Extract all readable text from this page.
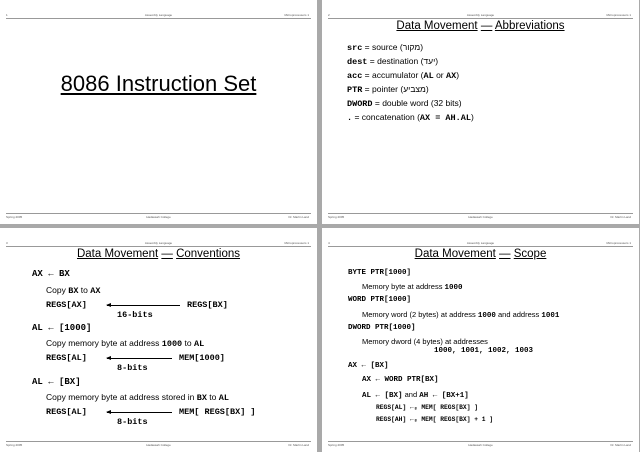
1	Assembly Language	Microprocessors 1
8086 Instruction Set
Spring 2005	Hadassah College	Dr. Martin Land
2	Assembly Language	Microprocessors 1
Data Movement — Abbreviations
src = source (מקור)
dest = destination (יעד)
acc = accumulator (AL or AX)
PTR = pointer (מצביע)
DWORD = double word (32 bits)
. = concatenation (AX = AH.AL)
Spring 2005	Hadassah College	Dr. Martin Land
3	Assembly Language	Microprocessors 1
Data Movement — Conventions
AX ← BX
Copy BX to AX
REGS[AX]	REGS[BX]
16-bits
AL ← [1000]
Copy memory byte at address 1000 to AL
REGS[AL]	MEM[1000]
8-bits
AL ← [BX]
Copy memory byte at address stored in BX to AL
REGS[AL]	MEM[ REGS[BX] ]
8-bits
Spring 2005	Hadassah College	Dr. Martin Land
4	Assembly Language	Microprocessors 1
Data Movement — Scope
BYTE PTR[1000]
Memory byte at address 1000
WORD PTR[1000]
Memory word (2 bytes) at address 1000 and address 1001
DWORD PTR[1000]
Memory dword (4 bytes) at addresses
1000, 1001, 1002, 1003
AX ← [BX]
AX ← WORD PTR[BX]
AL ← [BX] and AH ← [BX+1]
REGS[AL] ←₈ MEM[ REGS[BX] ]
REGS[AH] ←₈ MEM[ REGS[BX] + 1 ]
Spring 2005	Hadassah College	Dr. Martin Land
